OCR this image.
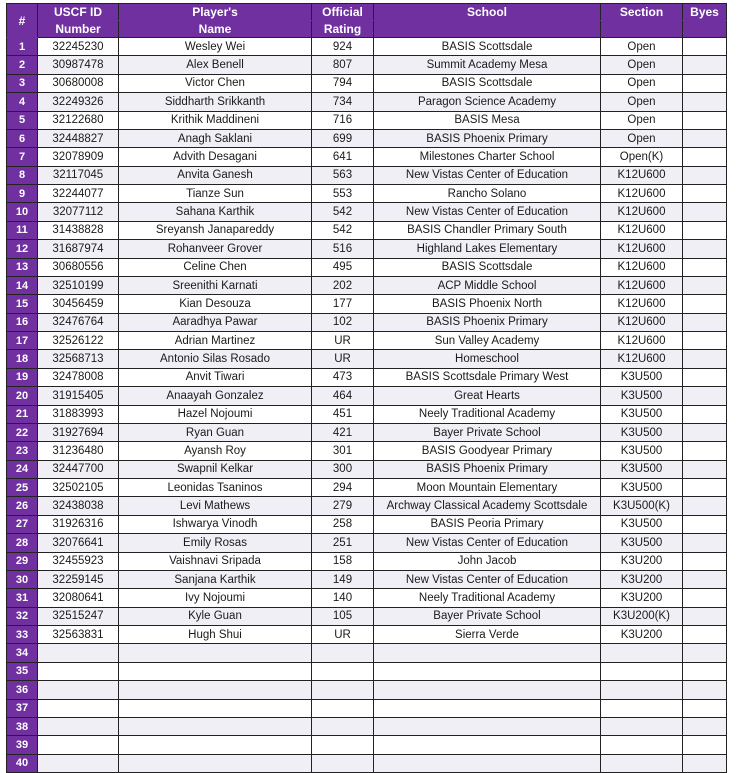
#	USCF ID	Player's	Official	School	Section	Byes
	Number	Name	Rating			
1	32245230	Wesley Wei	924	BASIS Scottsdale	Open	
2	30987478	Alex Benell	807	Summit Academy Mesa	Open	
3	30680008	Victor Chen	794	BASIS Scottsdale	Open	
4	32249326	Siddharth Srikkanth	734	Paragon Science Academy	Open	
5	32122680	Krithik Maddineni	716	BASIS Mesa	Open	
6	32448827	Anagh Saklani	699	BASIS Phoenix Primary	Open	
7	32078909	Advith Desagani	641	Milestones Charter School	Open(K)	
8	32117045	Anvita Ganesh	563	New Vistas Center of Education	K12U600	
9	32244077	Tianze Sun	553	Rancho Solano	K12U600	
10	32077112	Sahana Karthik	542	New Vistas Center of Education	K12U600	
11	31438828	Sreyansh Janapareddy	542	BASIS Chandler Primary South	K12U600	
12	31687974	Rohanveer Grover	516	Highland Lakes Elementary	K12U600	
13	30680556	Celine Chen	495	BASIS Scottsdale	K12U600	
14	32510199	Sreenithi Karnati	202	ACP Middle School	K12U600	
15	30456459	Kian Desouza	177	BASIS Phoenix North	K12U600	
16	32476764	Aaradhya Pawar	102	BASIS Phoenix Primary	K12U600	
17	32526122	Adrian Martinez	UR	Sun Valley Academy	K12U600	
18	32568713	Antonio Silas Rosado	UR	Homeschool	K12U600	
19	32478008	Anvit Tiwari	473	BASIS Scottsdale Primary West	K3U500	
20	31915405	Anaayah Gonzalez	464	Great Hearts	K3U500	
21	31883993	Hazel Nojoumi	451	Neely Traditional Academy	K3U500	
22	31927694	Ryan Guan	421	Bayer Private School	K3U500	
23	31236480	Ayansh Roy	301	BASIS Goodyear Primary	K3U500	
24	32447700	Swapnil Kelkar	300	BASIS Phoenix Primary	K3U500	
25	32502105	Leonidas Tsaninos	294	Moon Mountain Elementary	K3U500	
26	32438038	Levi Mathews	279	Archway Classical Academy Scottsdale	K3U500(K)	
27	31926316	Ishwarya Vinodh	258	BASIS Peoria Primary	K3U500	
28	32076641	Emily Rosas	251	New Vistas Center of Education	K3U500	
29	32455923	Vaishnavi Sripada	158	John Jacob	K3U200	
30	32259145	Sanjana Karthik	149	New Vistas Center of Education	K3U200	
31	32080641	Ivy Nojoumi	140	Neely Traditional Academy	K3U200	
32	32515247	Kyle Guan	105	Bayer Private School	K3U200(K)	
33	32563831	Hugh Shui	UR	Sierra Verde	K3U200	
34						
35						
36						
37						
38						
39						
40						
